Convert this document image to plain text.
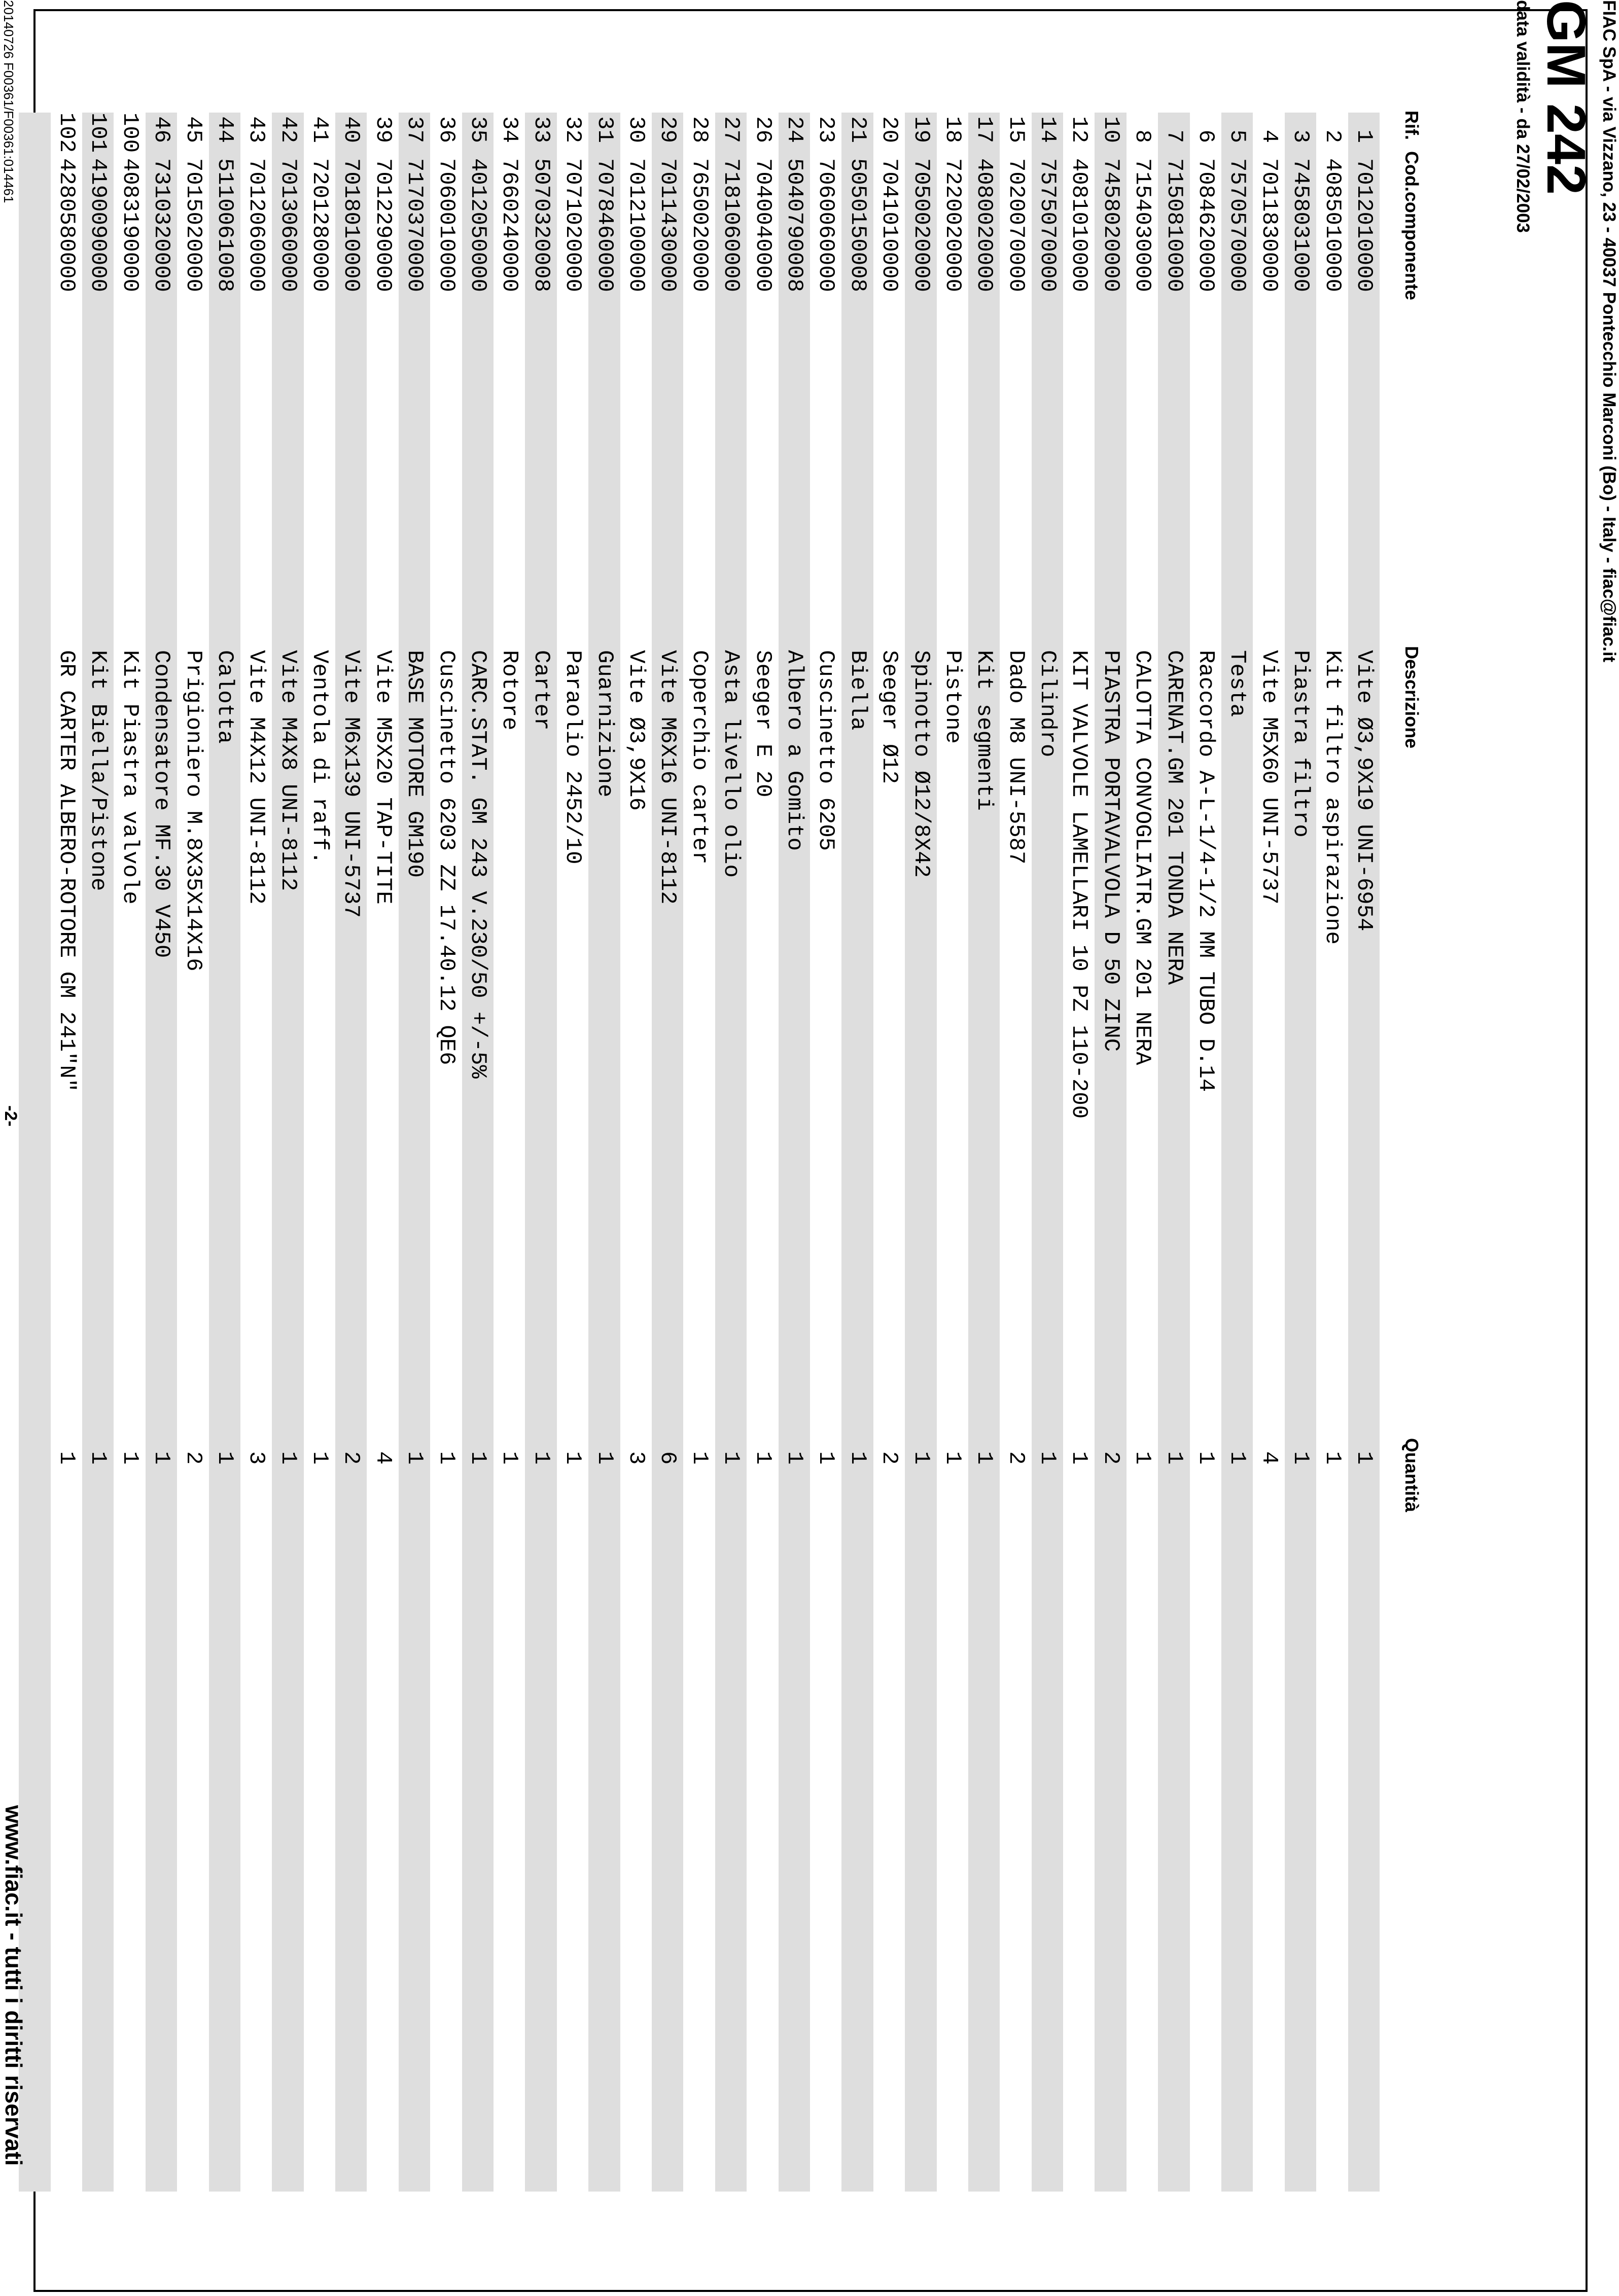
FIAC SpA - via Vizzano, 23 - 40037 Pontecchio Marconi (Bo) - Italy - fiac@fiac.it
GM 242
data validità - da 27/02/2003
Rif.
Cod.componente
Descrizione
Quantità
1
7012010000
Vite Ø3,9X19 UNI-6954
1
2
4085010000
Kit filtro aspirazione
1
3
7458031000
Piastra filtro
1
4
7011830000
Vite M5X60 UNI-5737
4
5
7570570000
Testa
1
6
7084620000
Raccordo A-L-1/4-1/2 MM TUBO D.14
1
7
7150810000
CARENAT.GM 201 TONDA NERA
1
8
7154030000
CALOTTA CONVOGLIATR.GM 201 NERA
1
10
7458020000
PIASTRA PORTAVALVOLA D 50 ZINC
2
12
4081010000
KIT VALVOLE LAMELLARI 10 PZ 110-200
1
14
7575070000
Cilindro
1
15
7020070000
Dado M8 UNI-5587
2
17
4080020000
Kit segmenti
1
18
7220020000
Pistone
1
19
7050020000
Spinotto Ø12/8X42
1
20
7041010000
Seeger Ø12
2
21
5050150008
Biella
1
23
7060060000
Cuscinetto 6205
1
24
5040790008
Albero a Gomito
1
26
7040040000
Seeger E 20
1
27
7181060000
Asta livello olio
1
28
7650020000
Coperchio carter
1
29
7011430000
Vite M6X16 UNI-8112
6
30
7012100000
Vite Ø3,9X16
3
31
7078460000
Guarnizione
1
32
7071020000
Paraolio 2452/10
1
33
5070320008
Carter
1
34
7660240000
Rotore
1
35
4012050000
CARC.STAT. GM 243 V.230/50 +/-5%
1
36
7060010000
Cuscinetto 6203 ZZ 17.40.12 QE6
1
37
7170370000
BASE MOTORE GM190
1
39
7012290000
Vite M5X20 TAP-TITE
4
40
7018010000
Vite M6x139 UNI-5737
2
41
7201280000
Ventola di raff.
1
42
7013060000
Vite M4X8 UNI-8112
1
43
7012060000
Vite M4X12 UNI-8112
3
44
5110061008
Calotta
1
45
7015020000
Prigioniero M.8X35X14X16
2
46
7310320000
Condensatore MF.30 V450
1
100
4083190000
Kit Piastra valvole
1
101
4190090000
Kit Biella/Pistone
1
102
4280580000
GR CARTER ALBERO-ROTORE GM 241"N"
1
20140726 F00361/F00361:014461
-2-
www.fiac.it - tutti i diritti riservati
